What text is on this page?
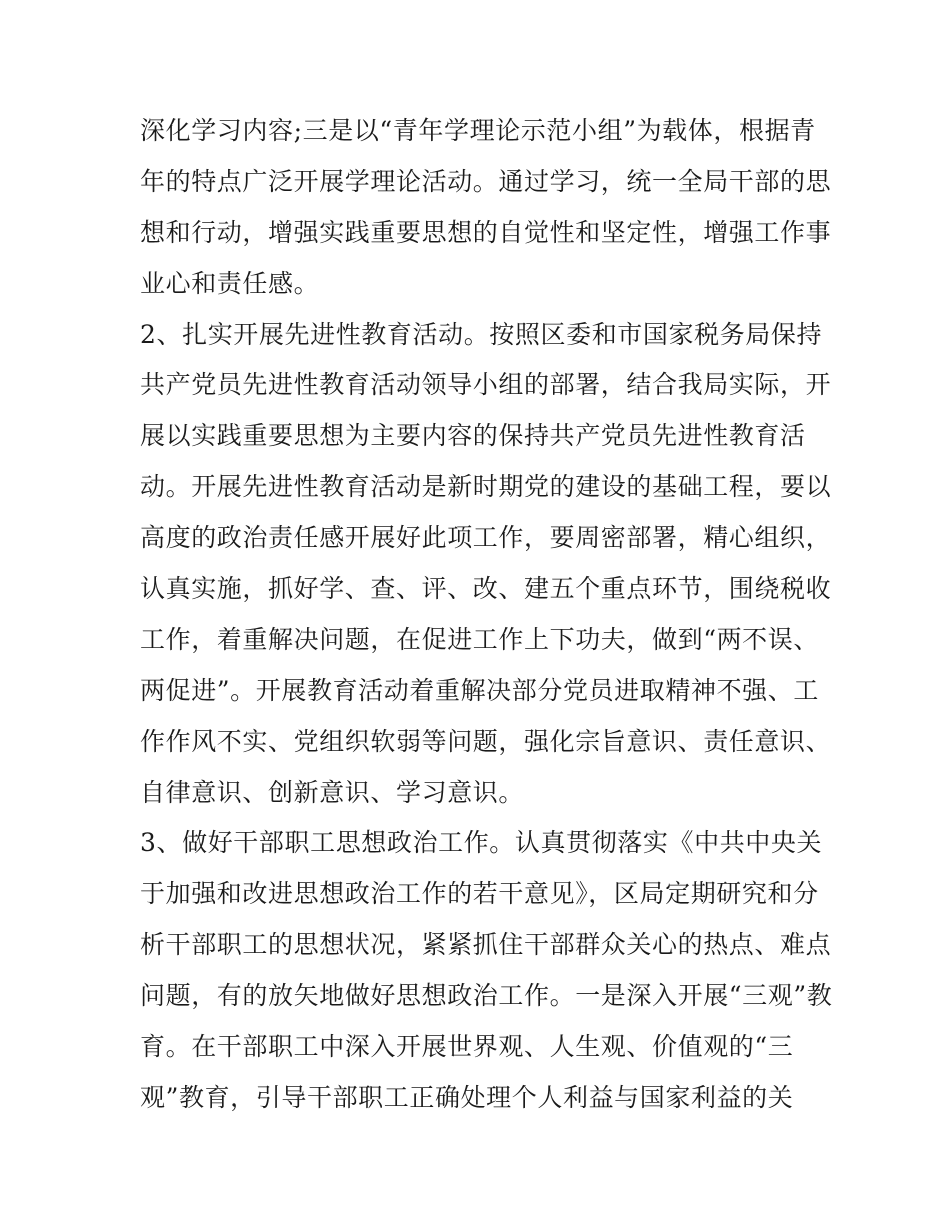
深化学习内容;三是以“青年学理论示范小组”为载体，根据青
年的特点广泛开展学理论活动。通过学习，统一全局干部的思
想和行动，增强实践重要思想的自觉性和坚定性，增强工作事
业心和责任感。
2、扎实开展先进性教育活动。按照区委和市国家税务局保持
共产党员先进性教育活动领导小组的部署，结合我局实际，开
展以实践重要思想为主要内容的保持共产党员先进性教育活
动。开展先进性教育活动是新时期党的建设的基础工程，要以
高度的政治责任感开展好此项工作，要周密部署，精心组织，
认真实施，抓好学、查、评、改、建五个重点环节，围绕税收
工作，着重解决问题，在促进工作上下功夫，做到“两不误、
两促进”。开展教育活动着重解决部分党员进取精神不强、工
作作风不实、党组织软弱等问题，强化宗旨意识、责任意识、
自律意识、创新意识、学习意识。
3、做好干部职工思想政治工作。认真贯彻落实《中共中央关
于加强和改进思想政治工作的若干意见》，区局定期研究和分
析干部职工的思想状况，紧紧抓住干部群众关心的热点、难点
问题，有的放矢地做好思想政治工作。一是深入开展“三观”教
育。在干部职工中深入开展世界观、人生观、价值观的“三
观”教育，引导干部职工正确处理个人利益与国家利益的关
